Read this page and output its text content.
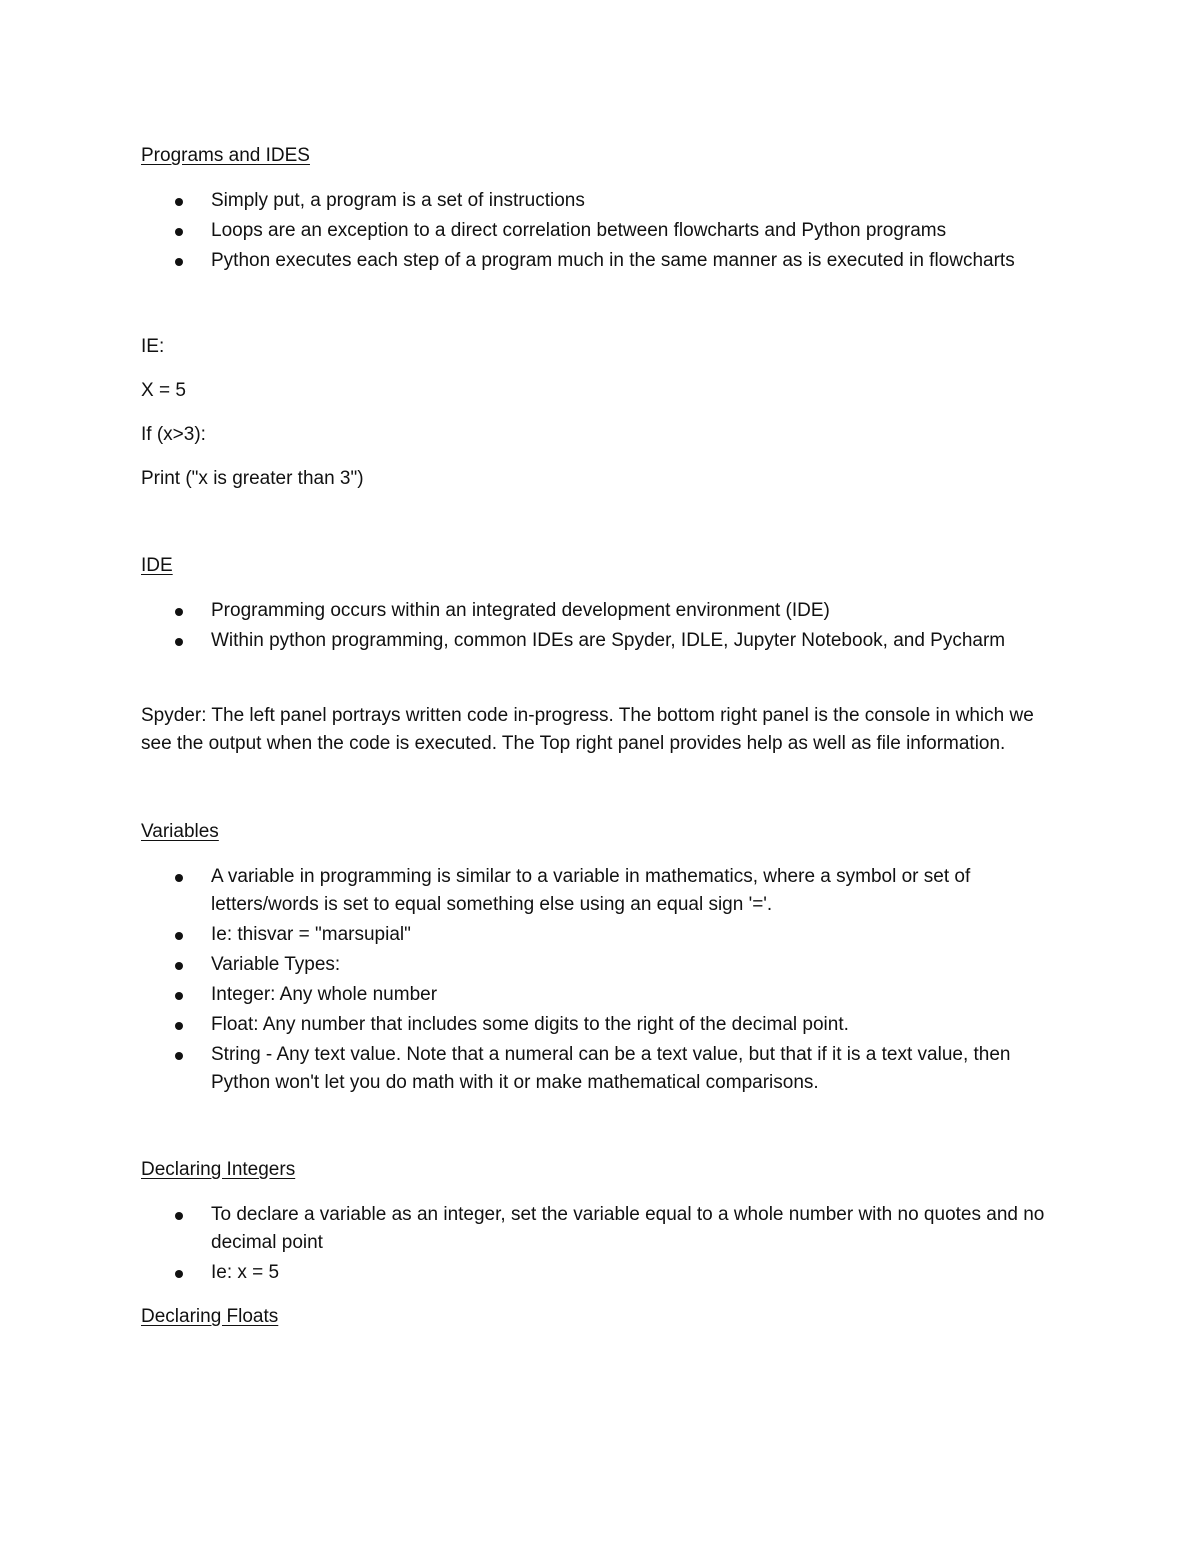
Programs and IDES

Simply put, a program is a set of instructions
Loops are an exception to a direct correlation between flowcharts and Python programs
Python executes each step of a program much in the same manner as is executed in flowcharts

IE:

X = 5

If (x>3):

Print ("x is greater than 3")

IDE

Programming occurs within an integrated development environment (IDE)
Within python programming, common IDEs are Spyder, IDLE, Jupyter Notebook, and Pycharm

Spyder: The left panel portrays written code in-progress. The bottom right panel is the console in which we see the output when the code is executed. The Top right panel provides help as well as file information.

Variables

A variable in programming is similar to a variable in mathematics, where a symbol or set of letters/words is set to equal something else using an equal sign '='.
Ie: thisvar = "marsupial"
Variable Types:
Integer: Any whole number
Float: Any number that includes some digits to the right of the decimal point.
String - Any text value. Note that a numeral can be a text value, but that if it is a text value, then Python won't let you do math with it or make mathematical comparisons.

Declaring Integers

To declare a variable as an integer, set the variable equal to a whole number with no quotes and no decimal point
Ie: x = 5

Declaring Floats
